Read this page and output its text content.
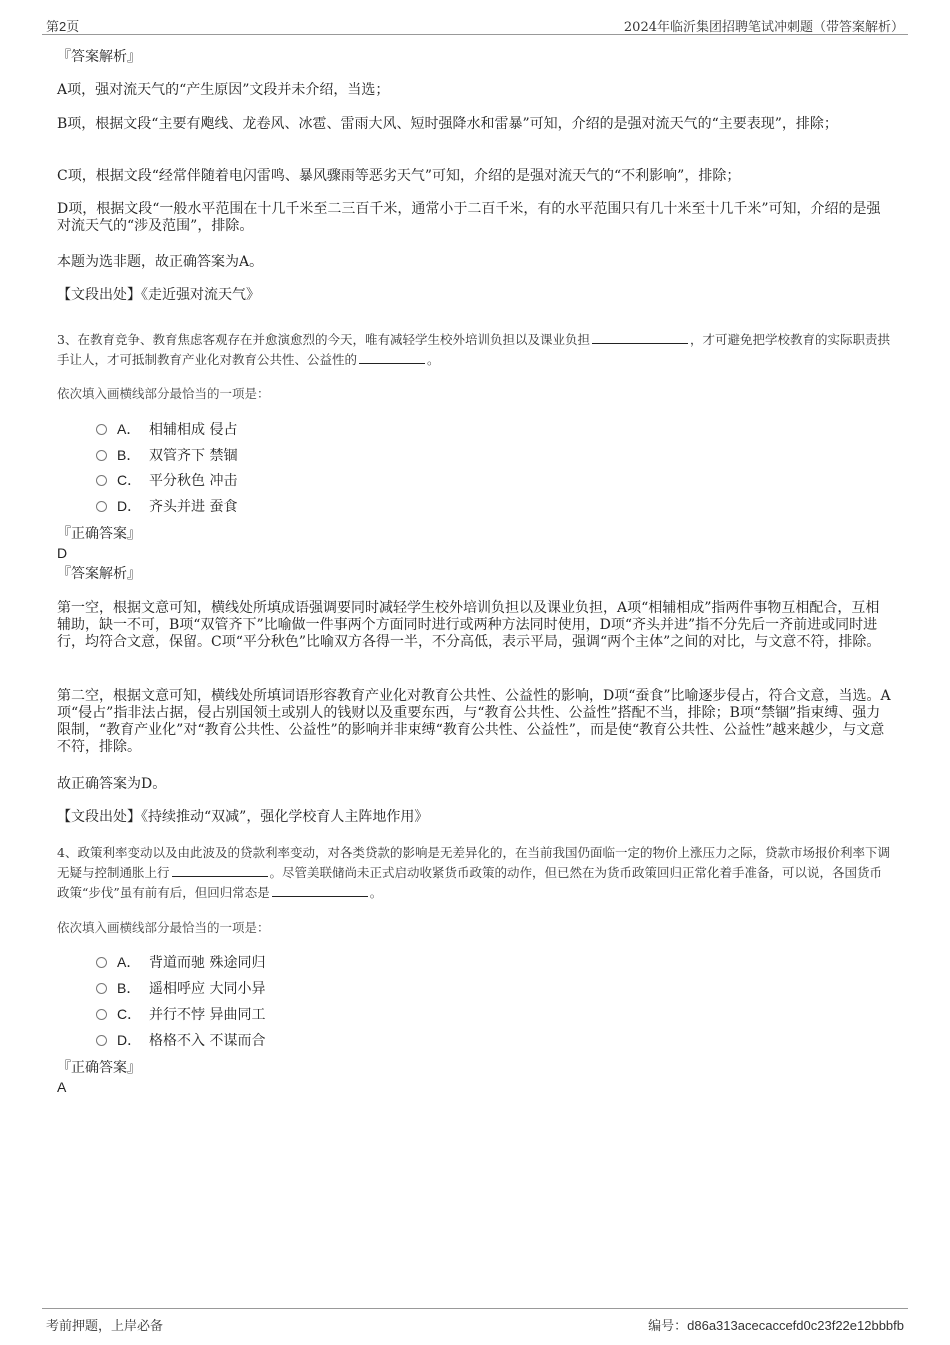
第2页	2024年临沂集团招聘笔试冲刺题（带答案解析）
『答案解析』
A项，强对流天气的“产生原因”文段并未介绍，当选；
B项，根据文段“主要有飑线、龙卷风、冰雹、雷雨大风、短时强降水和雷暴”可知，介绍的是强对流天气的“主要表现”，排除；
C项，根据文段“经常伴随着电闪雷鸣、暴风骤雨等恶劣天气”可知，介绍的是强对流天气的“不利影响”，排除；
D项，根据文段“一般水平范围在十几千米至二三百千米，通常小于二百千米，有的水平范围只有几十米至十几千米”可知，介绍的是强对流天气的“涉及范围”，排除。
本题为选非题，故正确答案为A。
【文段出处】《走近强对流天气》
3、在教育竞争、教育焦虑客观存在并愈演愈烈的今天，唯有减轻学生校外培训负担以及课业负担	，才可避免把学校教育的实际职责拱手让人，才可抵制教育产业化对教育公共性、公益性的	。
依次填入画横线部分最恰当的一项是：
A． 相辅相成 侵占
B． 双管齐下 禁锢
C． 平分秋色 冲击
D． 齐头并进 蚕食
『正确答案』
D
『答案解析』
第一空，根据文意可知，横线处所填成语强调要同时减轻学生校外培训负担以及课业负担，A项“相辅相成”指两件事物互相配合，互相辅助，缺一不可，B项“双管齐下”比喻做一件事两个方面同时进行或两种方法同时使用，D项“齐头并进”指不分先后一齐前进或同时进行，均符合文意，保留。C项“平分秋色”比喻双方各得一半，不分高低，表示平局，强调“两个主体”之间的对比，与文意不符，排除。
第二空，根据文意可知，横线处所填词语形容教育产业化对教育公共性、公益性的影响，D项“蚕食”比喻逐步侵占，符合文意，当选。A项“侵占”指非法占据，侵占别国领土或别人的钱财以及重要东西，与“教育公共性、公益性”搭配不当，排除；B项“禁锢”指束缚、强力限制，“教育产业化”对“教育公共性、公益性”的影响并非束缚“教育公共性、公益性”，而是使“教育公共性、公益性”越来越少，与文意不符，排除。
故正确答案为D。
【文段出处】《持续推动“双减”，强化学校育人主阵地作用》
4、政策利率变动以及由此波及的贷款利率变动，对各类贷款的影响是无差异化的，在当前我国仍面临一定的物价上涨压力之际，贷款市场报价利率下调无疑与控制通胀上行	。尽管美联储尚未正式启动收紧货币政策的动作，但已然在为货币政策回归正常化着手准备，可以说，各国货币政策“步伐”虽有前有后，但回归常态是	。
依次填入画横线部分最恰当的一项是：
A． 背道而驰 殊途同归
B． 遥相呼应 大同小异
C． 并行不悖 异曲同工
D． 格格不入 不谋而合
『正确答案』
A
考前押题，上岸必备	编号：d86a313acecaccefd0c23f22e12bbbfb
